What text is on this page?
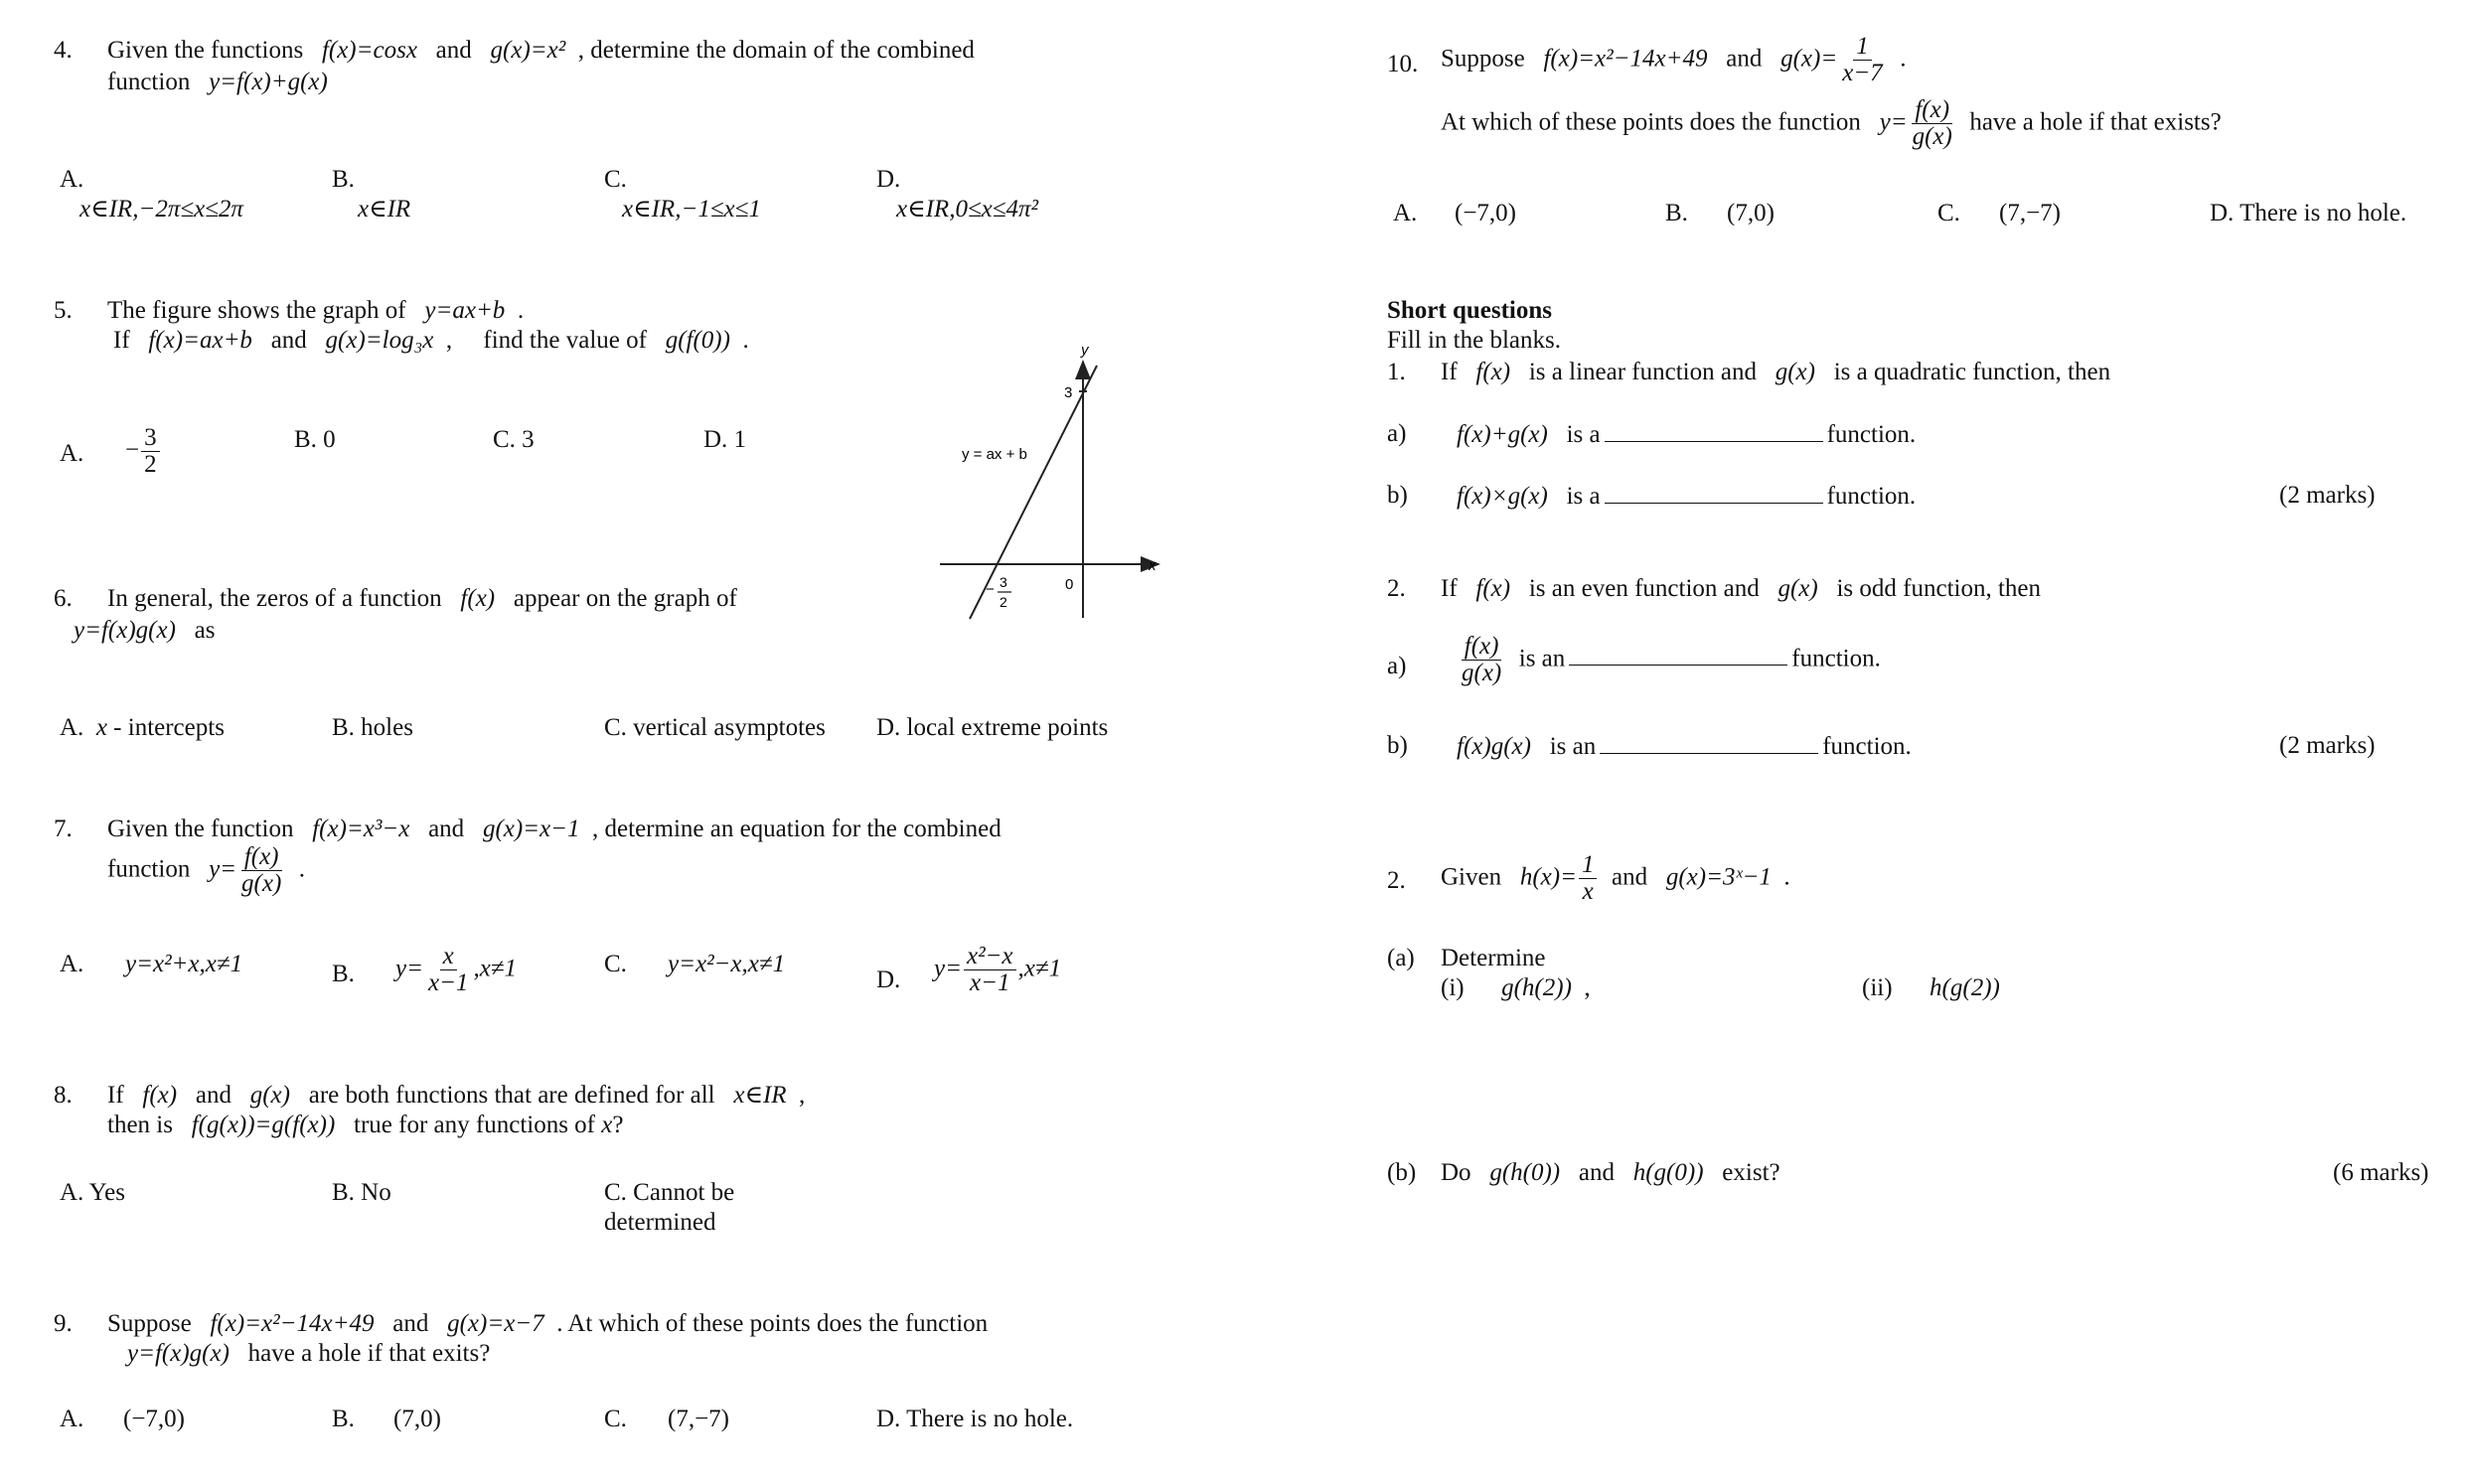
4. Given the functions f(x)=cosx and g(x)=x² , determine the domain of the combined
function y=f(x)+g(x)
A.
x∈IR,−2π≤x≤2π
B.
x∈IR
C.
x∈IR,−1≤x≤1
D.
x∈IR,0≤x≤4π²
5. The figure shows the graph of y=ax+b .
If f(x)=ax+b and g(x)=log₃x , find the value of g(f(0)) .
A. − $\frac{3}{2}$	B. 0	C. 3	D. 1
y
x
3
y = ax + b
0
− 3
2
6. In general, the zeros of a function f(x) appear on the graph of
y=f(x)g(x) as
A. x - intercepts	B. holes	C. vertical asymptotes D. local extreme points
7. Given the function f(x)=x³−x and g(x)=x−1 , determine an equation for the combined
function $y= \frac{f(x)}{g(x)}$ .
A. y=x²+x,x≠1	B. $y= \frac{x}{x-1} ,x\ne 1$	C. y=x²−x,x≠1
D. $y= \frac{\text{x²−x}}{x-1} ,x\ne 1$
8. If f(x) and g(x) are both functions that are defined for all x∈IR ,
then is f(g(x))=g(f(x)) true for any functions of x?
A. Yes	B. No	C. Cannot be
determined
9. Suppose f(x)=x²−14x+49 and g(x)=x−7 . At which of these points does the function
y=f(x)g(x) have a hole if that exits?
A. (−7,0)	B. (7,0)	C. (7,−7)	D. There is no hole.
10. Suppose f(x)=x²−14x+49 and $g(x)= \frac{1}{x-7}$ .
At which of these points does the function $y= \frac{f(x)}{g(x)}$ have a hole if that exists?
A. (−7,0)	B. (7,0)	C. (7,−7)	D. There is no hole.
Short questions
Fill in the blanks.
1. If f(x) is a linear function and g(x) is a quadratic function, then
a) f(x)+g(x) is a	function.
b) f(x)×g(x) is a	function.	(2 marks)
2. If f(x) is an even function and g(x) is odd function, then
$a) \frac{f(x)}{g(x)}$ is an	function.
b) f(x)g(x) is an	function.	(2 marks)
2. Given $h(x)= \frac{1}{x}$ and g(x)=3ˣ−1 .
(a) Determine
(i) g(h(2)) ,	(ii) h(g(2))
(b) Do g(h(0)) and h(g(0)) exist?	(6 marks)
